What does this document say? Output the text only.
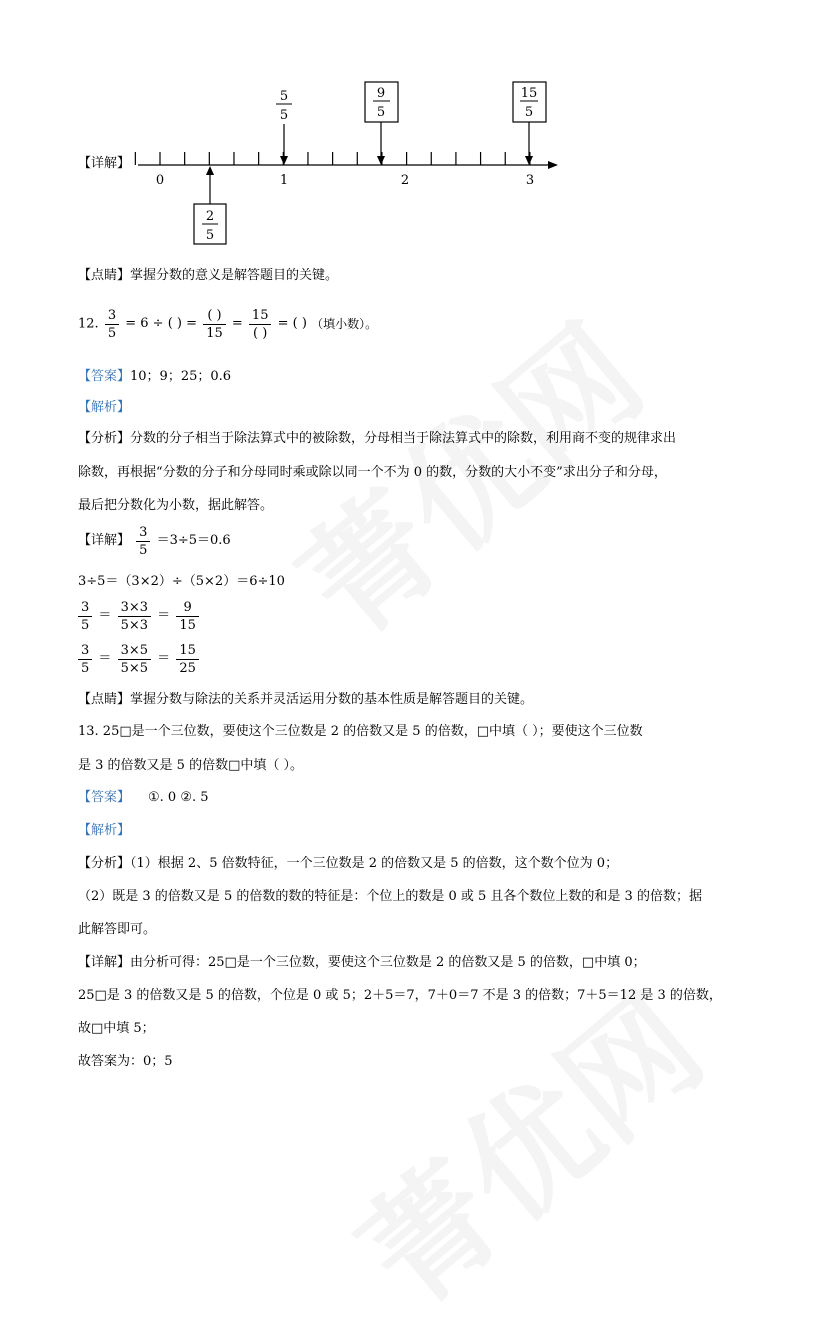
【详解】
0	1	2	3
5
5
9
5
15
5
2
5
【点睛】掌握分数的意义是解答题目的关键。
12. $\frac{3}{5} = 6$ ÷ ( ) = $\frac{( )}{15} = \frac{15}{( )}$ = ( ) （填小数）。
【答案】10；9；25；0.6
【解析】
【分析】分数的分子相当于除法算式中的被除数，分母相当于除法算式中的除数，利用商不变的规律求出
除数，再根据“分数的分子和分母同时乘或除以同一个不为 0 的数，分数的大小不变”求出分子和分母，
最后把分数化为小数，据此解答。
【详解】 $\frac{3}{5} =3\div 5=0.6$
3÷5＝（3×2）÷（5×2）＝6÷10
$\frac{3}{5} = \frac{3\times 3}{5\times 3} = \frac{9}{15}$
$\frac{3}{5} = \frac{3\times 5}{5\times 5} = \frac{15}{25}$
【点睛】掌握分数与除法的关系并灵活运用分数的基本性质是解答题目的关键。
13. 25□是一个三位数，要使这个三位数是 2 的倍数又是 5 的倍数，□中填（ ）；要使这个三位数
是 3 的倍数又是 5 的倍数□中填（ ）。
【答案】 ①. 0 ②. 5
【解析】
【分析】（1）根据 2、5 倍数特征，一个三位数是 2 的倍数又是 5 的倍数，这个数个位为 0；
（2）既是 3 的倍数又是 5 的倍数的数的特征是：个位上的数是 0 或 5 且各个数位上数的和是 3 的倍数；据
此解答即可。
【详解】由分析可得：25□是一个三位数，要使这个三位数是 2 的倍数又是 5 的倍数，□中填 0；
25□是 3 的倍数又是 5 的倍数，个位是 0 或 5；2＋5＝7，7＋0＝7 不是 3 的倍数；7＋5＝12 是 3 的倍数，
故□中填 5；
故答案为：0；5
